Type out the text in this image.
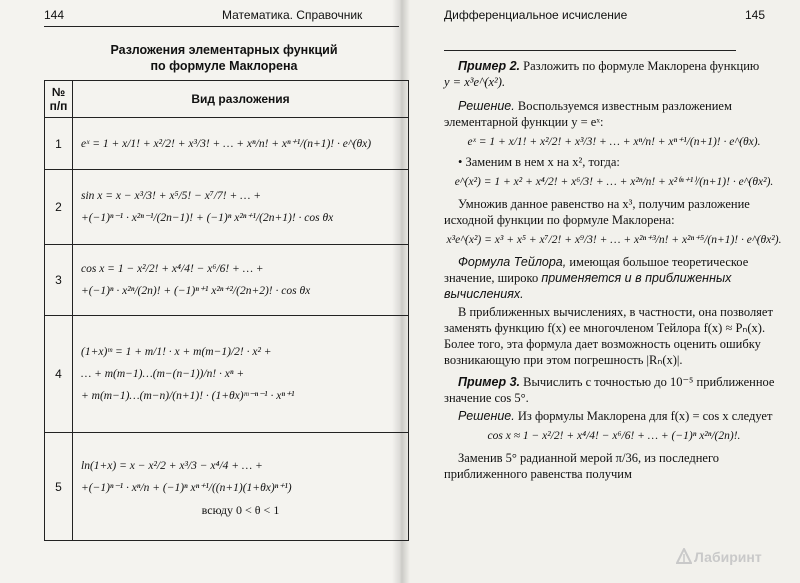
144	Математика. Справочник
Разложения элементарных функций
по формуле Маклорена
№
п/п	Вид разложения
1	eˣ = 1 + x/1! + x²/2! + x³/3! + … + xⁿ/n! + xⁿ⁺¹/(n+1)! · e^(θx)

2	sin x = x − x³/3! + x⁵/5! − x⁷/7! + … +
+(−1)ⁿ⁻¹ · x²ⁿ⁻¹/(2n−1)! + (−1)ⁿ x²ⁿ⁺¹/(2n+1)! · cos θx

3	cos x = 1 − x²/2! + x⁴/4! − x⁶/6! + … +
+(−1)ⁿ · x²ⁿ/(2n)! + (−1)ⁿ⁺¹ x²ⁿ⁺²/(2n+2)! · cos θx

4	(1+x)ᵐ = 1 + m/1! · x + m(m−1)/2! · x² +
… + m(m−1)…(m−(n−1))/n! · xⁿ +
+ m(m−1)…(m−n)/(n+1)! · (1+θx)ᵐ⁻ⁿ⁻¹ · xⁿ⁺¹

5	ln(1+x) = x − x²/2 + x³/3 − x⁴/4 + … +
+(−1)ⁿ⁻¹ · xⁿ/n + (−1)ⁿ xⁿ⁺¹/((n+1)(1+θx)ⁿ⁺¹)
всюду 0 < θ < 1
Дифференциальное исчисление	145

Пример 2. Разложить по формуле Маклорена функцию
y = x³e^(x²).

Решение. Воспользуемся известным разложением элементарной функции y = eˣ:

eˣ = 1 + x/1! + x²/2! + x³/3! + … + xⁿ/n! + xⁿ⁺¹/(n+1)! · e^(θx).

• Заменим в нем x на x², тогда:

e^(x²) = 1 + x² + x⁴/2! + x⁶/3! + … + x²ⁿ/n! + x²⁽ⁿ⁺¹⁾/(n+1)! · e^(θx²).

Умножив данное равенство на x³, получим разложение исходной функции по формуле Маклорена:

x³e^(x²) = x³ + x⁵ + x⁷/2! + x⁹/3! + … + x²ⁿ⁺³/n! + x²ⁿ⁺⁵/(n+1)! · e^(θx²).

Формула Тейлора, имеющая большое теоретическое значение, широко применяется и в приближенных вычислениях.

В приближенных вычислениях, в частности, она позволяет заменять функцию f(x) ее многочленом Тейлора f(x) ≈ Pₙ(x). Более того, эта формула дает возможность оценить ошибку возникающую при этом погрешность |Rₙ(x)|.

Пример 3. Вычислить с точностью до 10⁻⁵ приближенное значение cos 5°.

Решение. Из формулы Маклорена для f(x) = cos x следует

cos x ≈ 1 − x²/2! + x⁴/4! − x⁶/6! + … + (−1)ⁿ x²ⁿ/(2n)!.

Заменив 5° радианной мерой π/36, из последнего приближенного равенства получим

Лабиринт
